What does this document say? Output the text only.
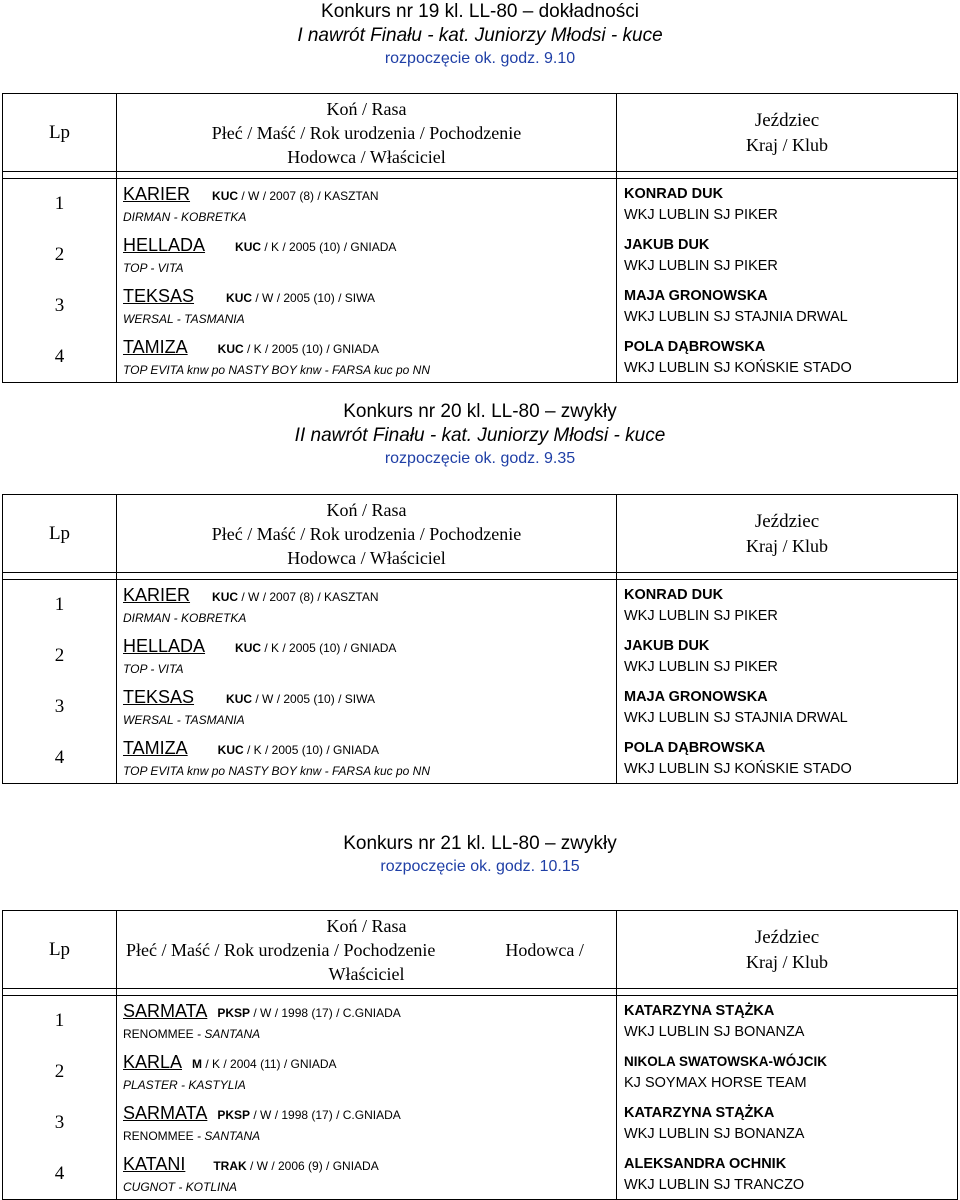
Konkurs nr 19 kl. LL-80 – dokładności
I nawrót Finału - kat. Juniorzy Młodsi - kuce
rozpoczęcie ok. godz. 9.10
Lp	Koń / Rasa
Płeć / Maść / Rok urodzenia / Pochodzenie
Hodowca / Właściciel	Jeździec
Kraj / Klub

1	KARIER KUC / W / 2007 (8) / KASZTAN
DIRMAN - KOBRETKA	KONRAD DUK
WKJ LUBLIN SJ PIKER

2	HELLADA KUC / K / 2005 (10) / GNIADA
TOP - VITA	JAKUB DUK
WKJ LUBLIN SJ PIKER

3	TEKSAS KUC / W / 2005 (10) / SIWA
WERSAL - TASMANIA	MAJA GRONOWSKA
WKJ LUBLIN SJ STAJNIA DRWAL

4	TAMIZA KUC / K / 2005 (10) / GNIADA
TOP EVITA knw po NASTY BOY knw - FARSA kuc po NN	POLA DĄBROWSKA
WKJ LUBLIN SJ KOŃSKIE STADO
Konkurs nr 20 kl. LL-80 – zwykły
II nawrót Finału - kat. Juniorzy Młodsi - kuce
rozpoczęcie ok. godz. 9.35
Lp	Koń / Rasa
Płeć / Maść / Rok urodzenia / Pochodzenie
Hodowca / Właściciel	Jeździec
Kraj / Klub

1	KARIER KUC / W / 2007 (8) / KASZTAN
DIRMAN - KOBRETKA	KONRAD DUK
WKJ LUBLIN SJ PIKER

2	HELLADA KUC / K / 2005 (10) / GNIADA
TOP - VITA	JAKUB DUK
WKJ LUBLIN SJ PIKER

3	TEKSAS KUC / W / 2005 (10) / SIWA
WERSAL - TASMANIA	MAJA GRONOWSKA
WKJ LUBLIN SJ STAJNIA DRWAL

4	TAMIZA KUC / K / 2005 (10) / GNIADA
TOP EVITA knw po NASTY BOY knw - FARSA kuc po NN	POLA DĄBROWSKA
WKJ LUBLIN SJ KOŃSKIE STADO
Konkurs nr 21 kl. LL-80 – zwykły
rozpoczęcie ok. godz. 10.15
Lp	Koń / Rasa
Płeć / Maść / Rok urodzenia / Pochodzenie Hodowca /
Właściciel	Jeździec
Kraj / Klub

1	SARMATA PKSP / W / 1998 (17) / C.GNIADA
RENOMMEE - SANTANA	KATARZYNA STĄŻKA
WKJ LUBLIN SJ BONANZA

2	KARLA M / K / 2004 (11) / GNIADA
PLASTER - KASTYLIA	NIKOLA SWATOWSKA-WÓJCIK
KJ SOYMAX HORSE TEAM

3	SARMATA PKSP / W / 1998 (17) / C.GNIADA
RENOMMEE - SANTANA	KATARZYNA STĄŻKA
WKJ LUBLIN SJ BONANZA

4	KATANI TRAK / W / 2006 (9) / GNIADA
CUGNOT - KOTLINA	ALEKSANDRA OCHNIK
WKJ LUBLIN SJ TRANCZO
